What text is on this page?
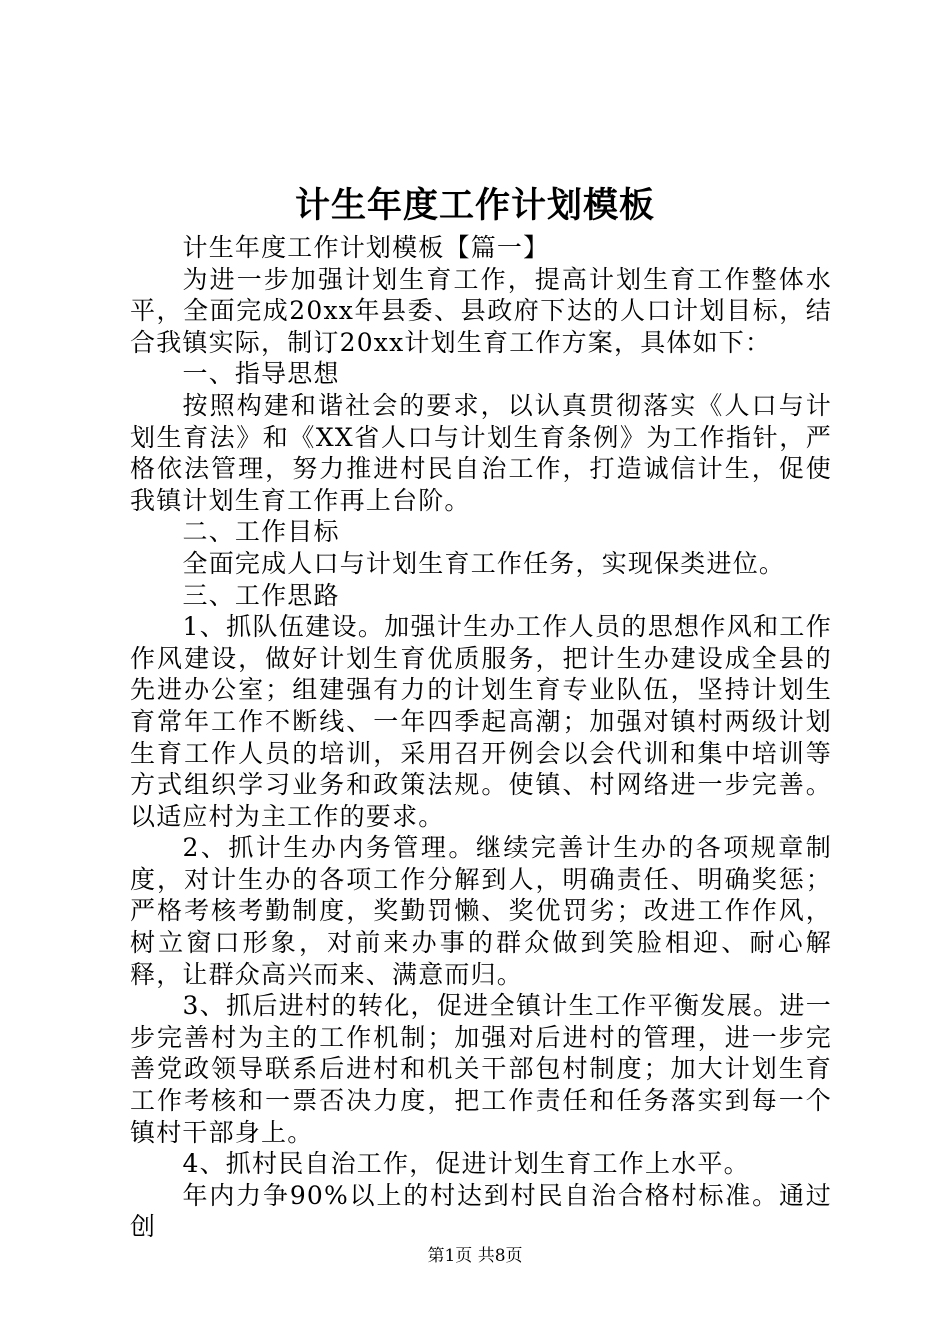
计生年度工作计划模板

计生年度工作计划模板【篇一】

为进一步加强计划生育工作，提高计划生育工作整体水平，全面完成20xx年县委、县政府下达的人口计划目标，结合我镇实际，制订20xx计划生育工作方案，具体如下：

一、指导思想

按照构建和谐社会的要求，以认真贯彻落实《人口与计划生育法》和《XX省人口与计划生育条例》为工作指针，严格依法管理，努力推进村民自治工作，打造诚信计生，促使我镇计划生育工作再上台阶。

二、工作目标

全面完成人口与计划生育工作任务，实现保类进位。

三、工作思路

1、抓队伍建设。加强计生办工作人员的思想作风和工作作风建设，做好计划生育优质服务，把计生办建设成全县的先进办公室；组建强有力的计划生育专业队伍，坚持计划生育常年工作不断线、一年四季起高潮；加强对镇村两级计划生育工作人员的培训，采用召开例会以会代训和集中培训等方式组织学习业务和政策法规。使镇、村网络进一步完善。以适应村为主工作的要求。

2、抓计生办内务管理。继续完善计生办的各项规章制度，对计生办的各项工作分解到人，明确责任、明确奖惩；严格考核考勤制度，奖勤罚懒、奖优罚劣；改进工作作风，树立窗口形象，对前来办事的群众做到笑脸相迎、耐心解释，让群众高兴而来、满意而归。

3、抓后进村的转化，促进全镇计生工作平衡发展。进一步完善村为主的工作机制；加强对后进村的管理，进一步完善党政领导联系后进村和机关干部包村制度；加大计划生育工作考核和一票否决力度，把工作责任和任务落实到每一个镇村干部身上。

4、抓村民自治工作，促进计划生育工作上水平。

年内力争90%以上的村达到村民自治合格村标准。通过创

第1页 共8页
